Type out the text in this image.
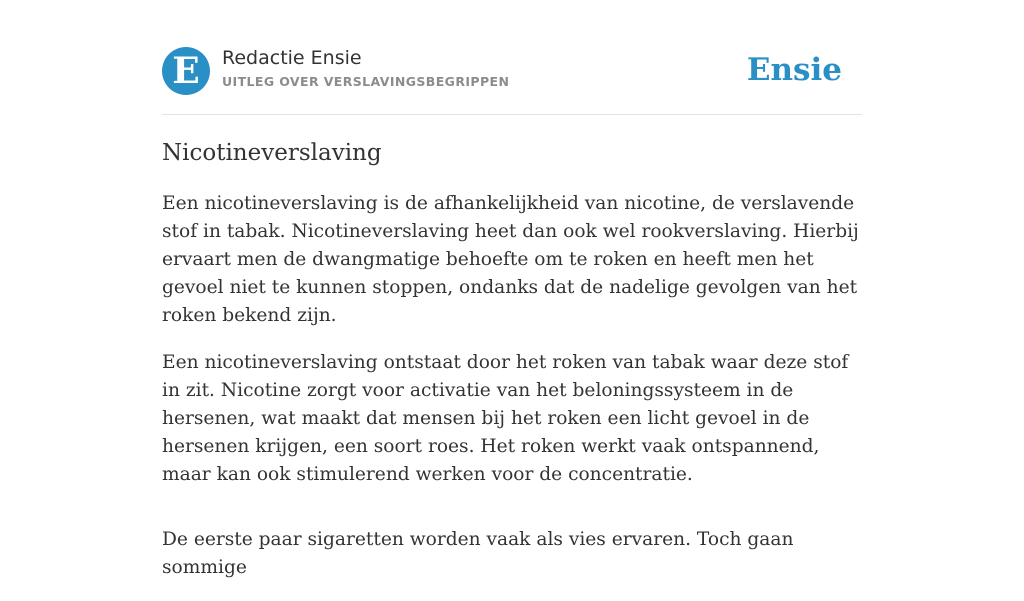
E	Redactie Ensie
UITLEG OVER VERSLAVINGSBEGRIPPEN	Ensie
Nicotineverslaving

Een nicotineverslaving is de afhankelijkheid van nicotine, de verslavende stof in tabak. Nicotineverslaving heet dan ook wel rookverslaving. Hierbij ervaart men de dwangmatige behoefte om te roken en heeft men het gevoel niet te kunnen stoppen, ondanks dat de nadelige gevolgen van het roken bekend zijn.

Een nicotineverslaving ontstaat door het roken van tabak waar deze stof in zit. Nicotine zorgt voor activatie van het beloningssysteem in de hersenen, wat maakt dat mensen bij het roken een licht gevoel in de hersenen krijgen, een soort roes. Het roken werkt vaak ontspannend, maar kan ook stimulerend werken voor de concentratie.

De eerste paar sigaretten worden vaak als vies ervaren. Toch gaan sommige
